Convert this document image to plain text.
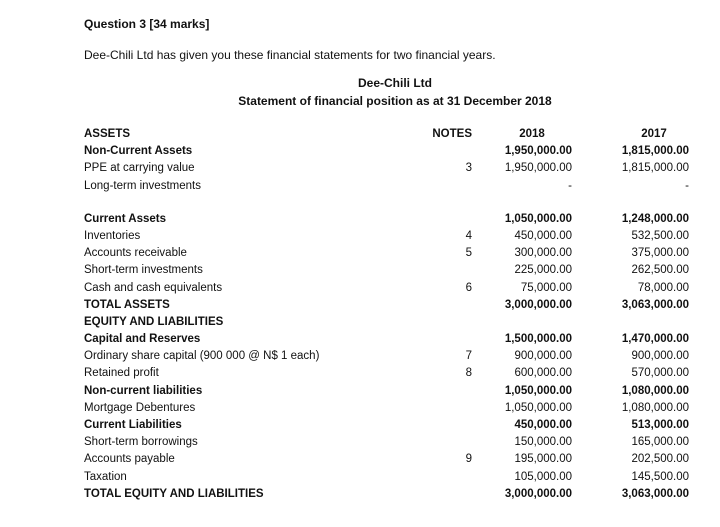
Question 3 [34 marks]
Dee-Chili Ltd has given you these financial statements for two financial years.
Dee-Chili Ltd
Statement of financial position as at 31 December 2018
ASSETS	NOTES	2018	2017
Non-Current Assets	1,950,000.00	1,815,000.00
PPE at carrying value	3	1,950,000.00	1,815,000.00
Long-term investments	-	-
Current Assets	1,050,000.00	1,248,000.00
Inventories	4	450,000.00	532,500.00
Accounts receivable	5	300,000.00	375,000.00
Short-term investments	225,000.00	262,500.00
Cash and cash equivalents	6	75,000.00	78,000.00
TOTAL ASSETS	3,000,000.00	3,063,000.00
EQUITY AND LIABILITIES
Capital and Reserves	1,500,000.00	1,470,000.00
Ordinary share capital (900 000 @ N$ 1 each)	7	900,000.00	900,000.00
Retained profit	8	600,000.00	570,000.00
Non-current liabilities	1,050,000.00	1,080,000.00
Mortgage Debentures	1,050,000.00	1,080,000.00
Current Liabilities	450,000.00	513,000.00
Short-term borrowings	150,000.00	165,000.00
Accounts payable	9	195,000.00	202,500.00
Taxation	105,000.00	145,500.00
TOTAL EQUITY AND LIABILITIES	3,000,000.00	3,063,000.00
